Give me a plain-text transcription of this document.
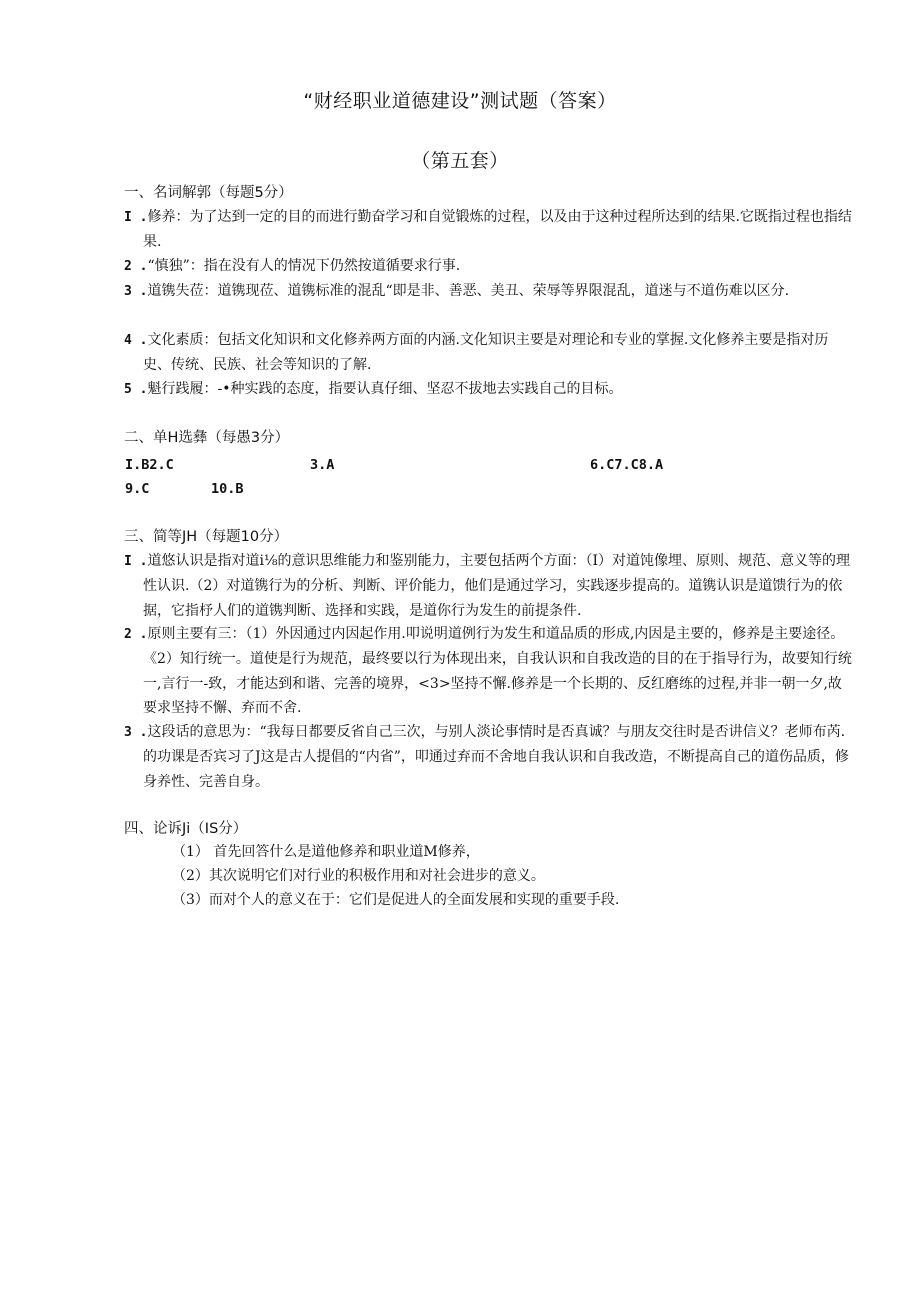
“财经职业道德建设”测试题（答案）
（第五套）
一、名词解郭（每题5分）
I .修养：为了达到一定的目的而进行勤奋学习和自觉锻炼的过程，以及由于这种过程所达到的结果.它既指过程也指结果.
2 .“慎独”：指在没有人的情况下仍然按道循要求行事.
3 .道镌失莅：道镌现莅、道镌标准的混乱“即是非、善恶、美丑、荣辱等界限混乱，道迷与不道伤难以区分.
4 .文化素质：包括文化知识和文化修养两方面的内涵.文化知识主要是对理论和专业的掌握.文化修养主要是指对历史、传统、民族、社会等知识的了解.
5 .魁行践履：-•种实践的态度，指要认真仔细、坚忍不拔地去实践自己的目标。
二、单H选彝（每愚3分）
I.B2.C	3.A	6.C7.C8.A
9.C	10.B
三、简等JH（每题10分）
I .道悠认识是指对道i⅛的意识思维能力和鉴别能力，主要包括两个方面：（I）对道饨像埋、原则、规范、意义等的理性认识.（2）对道镌行为的分析、判断、评价能力，他们是通过学习，实践逐步提高的。道镌认识是道馈行为的依据，它指杼人们的道镌判断、选择和实践，是道你行为发生的前提条件.
2 .原则主要有三：（1）外因通过内因起作用.叩说明道例行为发生和道品质的形成,内因是主要的，修养是主要途径。《2）知行统一。道使是行为规范，最终要以行为体现出来，自我认识和自我改造的目的在于指导行为，故要知行统一,言行一-致，才能达到和谐、完善的境界，<3>坚持不懈.修养是一个长期的、反红磨练的过程,并非一朝一夕,故要求坚持不懈、弃而不舍.
3 .这段话的意思为：“我每日都要反省自己三次，与别人淡论事情时是否真诚？与朋友交往时是否讲信义？老师布芮.的功课是否宾习了J这是古人提倡的“内省”，叩通过弃而不舍地自我认识和自我改造，不断提高自己的道伤品质，修身养性、完善自身。
四、论诉Ji（IS分）
（1） 首先回答什么是道他修养和职业道M修养，
（2）其次说明它们对行业的积极作用和对社会进步的意义。
（3）而对个人的意义在于：它们是促进人的全面发展和实现的重要手段.
